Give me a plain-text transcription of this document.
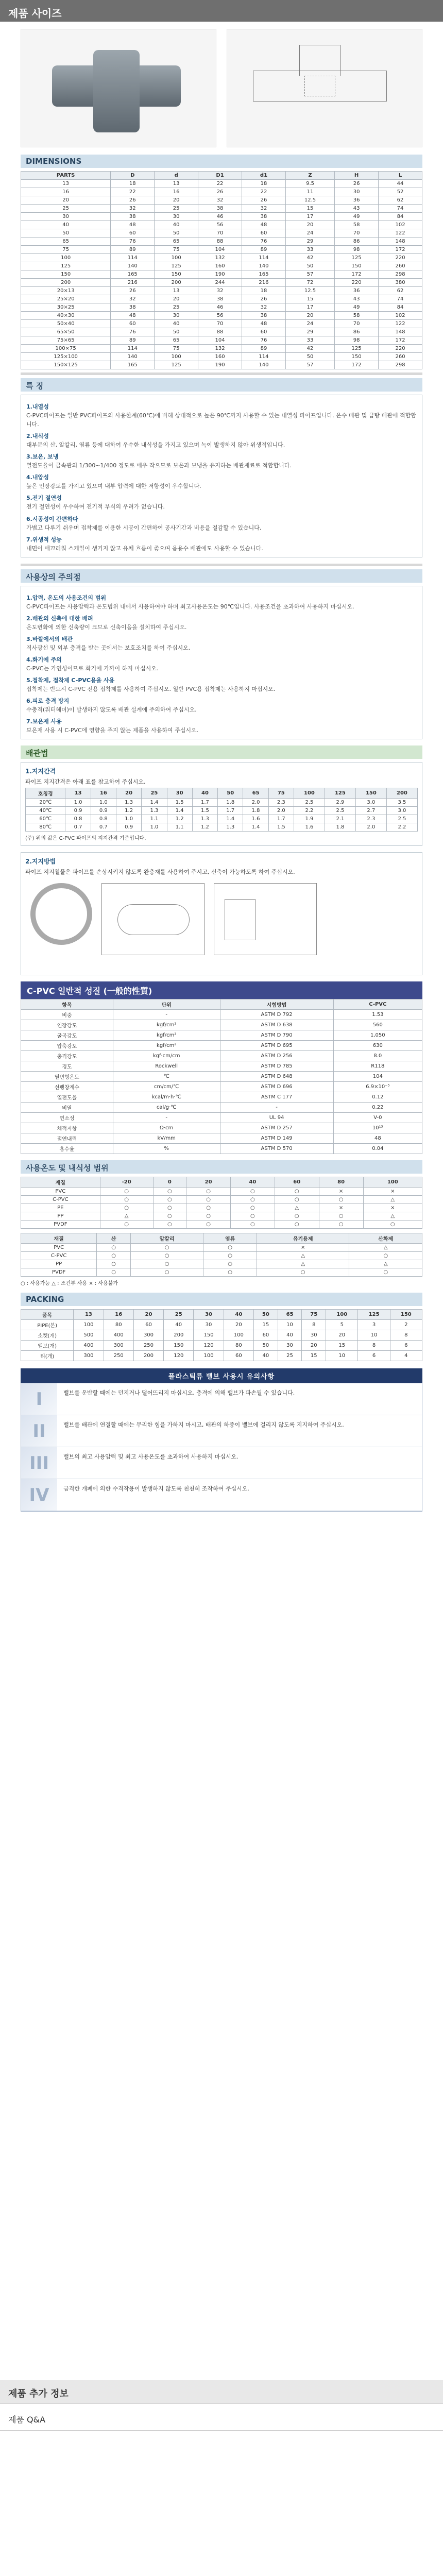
제품 사이즈
DIMENSIONS
PARTS	D	d	D1	d1	Z	H	L
13	18	13	22	18	9.5	26	44
16	22	16	26	22	11	30	52
20	26	20	32	26	12.5	36	62
25	32	25	38	32	15	43	74
30	38	30	46	38	17	49	84
40	48	40	56	48	20	58	102
50	60	50	70	60	24	70	122
65	76	65	88	76	29	86	148
75	89	75	104	89	33	98	172
100	114	100	132	114	42	125	220
125	140	125	160	140	50	150	260
150	165	150	190	165	57	172	298
200	216	200	244	216	72	220	380
20×13	26	13	32	18	12.5	36	62
25×20	32	20	38	26	15	43	74
30×25	38	25	46	32	17	49	84
40×30	48	30	56	38	20	58	102
50×40	60	40	70	48	24	70	122
65×50	76	50	88	60	29	86	148
75×65	89	65	104	76	33	98	172
100×75	114	75	132	89	42	125	220
125×100	140	100	160	114	50	150	260
150×125	165	125	190	140	57	172	298
특 징
1.내열성

C-PVC파이프는 일반 PVC파이프의 사용한계(60℃)에 비해 상대적으로 높은 90℃까지 사용할 수 있는 내열성 파이프입니다. 온수 배관 및 급탕 배관에 적합합니다.

2.내식성

대부분의 산, 알칼리, 염류 등에 대하여 우수한 내식성을 가지고 있으며 녹이 발생하지 않아 위생적입니다.

3.보온, 보냉

열전도율이 금속관의 1/300~1/400 정도로 매우 작으므로 보온과 보냉을 유지하는 배관재료로 적합합니다.

4.내압성

높은 인장강도를 가지고 있으며 내부 압력에 대한 저항성이 우수합니다.

5.전기 절연성

전기 절연성이 우수하여 전기적 부식의 우려가 없습니다.

6.시공성이 간편하다

가볍고 다루기 쉬우며 접착제를 이용한 시공이 간편하여 공사기간과 비용을 절감할 수 있습니다.

7.위생적 성능

내면이 매끄러워 스케일이 생기지 않고 유체 흐름이 좋으며 음용수 배관에도 사용할 수 있습니다.

사용상의 주의점
1.압력, 온도의 사용조건의 범위

C-PVC파이프는 사용압력과 온도범위 내에서 사용하여야 하며 최고사용온도는 90℃입니다. 사용조건을 초과하여 사용하지 마십시오.

2.배관의 신축에 대한 배려

온도변화에 의한 신축량이 크므로 신축이음을 설치하여 주십시오.

3.바깥에서의 배관

직사광선 및 외부 충격을 받는 곳에서는 보호조치를 하여 주십시오.

4.화기에 주의

C-PVC는 가연성이므로 화기에 가까이 하지 마십시오.

5.접착제, 접착제 C-PVC용을 사용

접착제는 반드시 C-PVC 전용 접착제를 사용하여 주십시오. 일반 PVC용 접착제는 사용하지 마십시오.

6.피로 충격 방지

수충격(워터해머)이 발생하지 않도록 배관 설계에 주의하여 주십시오.

7.보온재 사용

보온재 사용 시 C-PVC에 영향을 주지 않는 제품을 사용하여 주십시오.

배관법
1.지지간격
파이프 지지간격은 아래 표를 참고하여 주십시오.
호칭경	13	16	20	25	30	40	50	65	75	100	125	150	200
20℃	1.0	1.0	1.3	1.4	1.5	1.7	1.8	2.0	2.3	2.5	2.9	3.0	3.5
40℃	0.9	0.9	1.2	1.3	1.4	1.5	1.7	1.8	2.0	2.2	2.5	2.7	3.0
60℃	0.8	0.8	1.0	1.1	1.2	1.3	1.4	1.6	1.7	1.9	2.1	2.3	2.5
80℃	0.7	0.7	0.9	1.0	1.1	1.2	1.3	1.4	1.5	1.6	1.8	2.0	2.2
(주) 위의 값은 C-PVC 파이프의 지지간격 기준입니다.
2.지지방법
파이프 지지철물은 파이프를 손상시키지 않도록 완충재를 사용하여 주시고, 신축이 가능하도록 하여 주십시오.
C-PVC 일반적 성질 (一般的性質)
항목	단위	시험방법	C-PVC
비중	-	ASTM D 792	1.53
인장강도	kgf/cm²	ASTM D 638	560
굴곡강도	kgf/cm²	ASTM D 790	1,050
압축강도	kgf/cm²	ASTM D 695	630
충격강도	kgf·cm/cm	ASTM D 256	8.0
경도	Rockwell	ASTM D 785	R118
열변형온도	℃	ASTM D 648	104
선팽창계수	cm/cm/℃	ASTM D 696	6.9×10⁻⁵
열전도율	kcal/m·h·℃	ASTM C 177	0.12
비열	cal/g·℃	-	0.22
연소성	-	UL 94	V-0
체적저항	Ω·cm	ASTM D 257	10¹⁵
절연내력	kV/mm	ASTM D 149	48
흡수율	%	ASTM D 570	0.04
사용온도 및 내식성 범위
재질	-20	0	20	40	60	80	100
PVC	○	○	○	○	○	×	×
C-PVC	○	○	○	○	○	○	△
PE	○	○	○	○	△	×	×
PP	△	○	○	○	○	○	△
PVDF	○	○	○	○	○	○	○
재질	산	알칼리	염류	유기용제	산화제
PVC	○	○	○	×	△
C-PVC	○	○	○	△	○
PP	○	○	○	△	△
PVDF	○	○	○	○	○
○ : 사용가능 △ : 조건부 사용 × : 사용불가
PACKING
품목	13	16	20	25	30	40	50	65	75	100	125	150
PIPE(본)	100	80	60	40	30	20	15	10	8	5	3	2
소켓(개)	500	400	300	200	150	100	60	40	30	20	10	8
엘보(개)	400	300	250	150	120	80	50	30	20	15	8	6
티(개)	300	250	200	120	100	60	40	25	15	10	6	4
플라스틱류 밸브 사용시 유의사항
I	밸브를 운반할 때에는 던지거나 떨어뜨리지 마십시오. 충격에 의해 밸브가 파손될 수 있습니다.
II	밸브를 배관에 연결할 때에는 무리한 힘을 가하지 마시고, 배관의 하중이 밸브에 걸리지 않도록 지지하여 주십시오.
III	밸브의 최고 사용압력 및 최고 사용온도를 초과하여 사용하지 마십시오.
IV	급격한 개폐에 의한 수격작용이 발생하지 않도록 천천히 조작하여 주십시오.
제품 추가 정보
제품 Q&A
